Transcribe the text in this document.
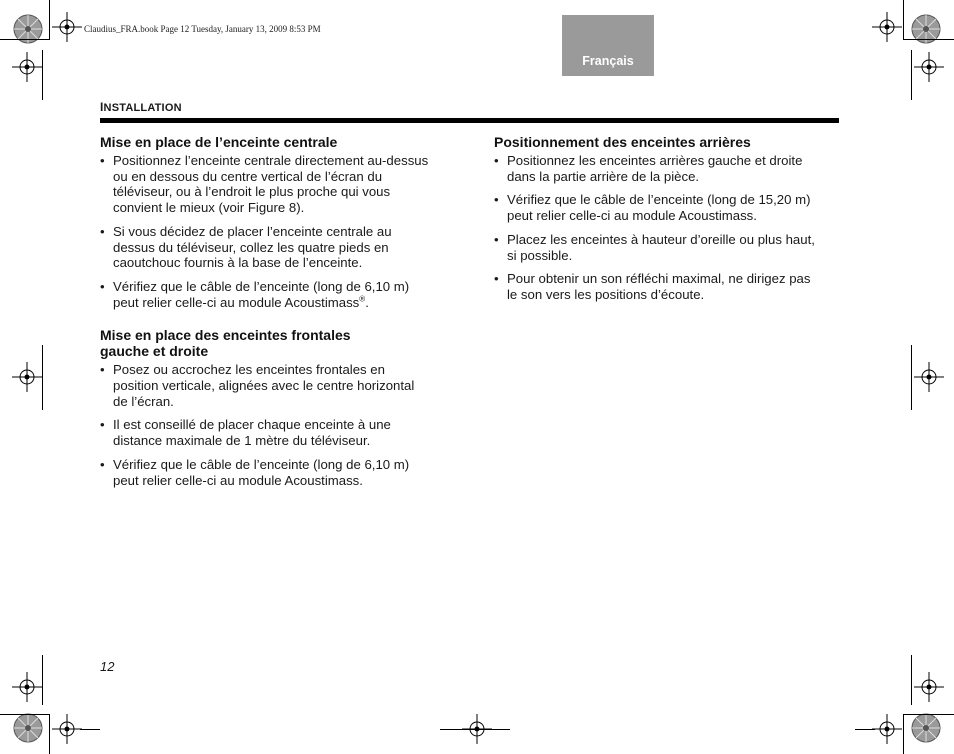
Claudius_FRA.book Page 12 Tuesday, January 13, 2009 8:53 PM
Français
INSTALLATION
Mise en place de l’enceinte centrale
• Positionnez l’enceinte centrale directement au-dessus
ou en dessous du centre vertical de l’écran du
téléviseur, ou à l’endroit le plus proche qui vous
convient le mieux (voir Figure 8).
• Si vous décidez de placer l’enceinte centrale au
dessus du téléviseur, collez les quatre pieds en
caoutchouc fournis à la base de l’enceinte.
• Vérifiez que le câble de l’enceinte (long de 6,10 m)
peut relier celle-ci au module Acoustimass®.
Mise en place des enceintes frontales
gauche et droite
• Posez ou accrochez les enceintes frontales en
position verticale, alignées avec le centre horizontal
de l’écran.
• Il est conseillé de placer chaque enceinte à une
distance maximale de 1 mètre du téléviseur.
• Vérifiez que le câble de l’enceinte (long de 6,10 m)
peut relier celle-ci au module Acoustimass.
Positionnement des enceintes arrières
• Positionnez les enceintes arrières gauche et droite
dans la partie arrière de la pièce.
• Vérifiez que le câble de l’enceinte (long de 15,20 m)
peut relier celle-ci au module Acoustimass.
• Placez les enceintes à hauteur d’oreille ou plus haut,
si possible.
• Pour obtenir un son réfléchi maximal, ne dirigez pas
le son vers les positions d’écoute.
12
